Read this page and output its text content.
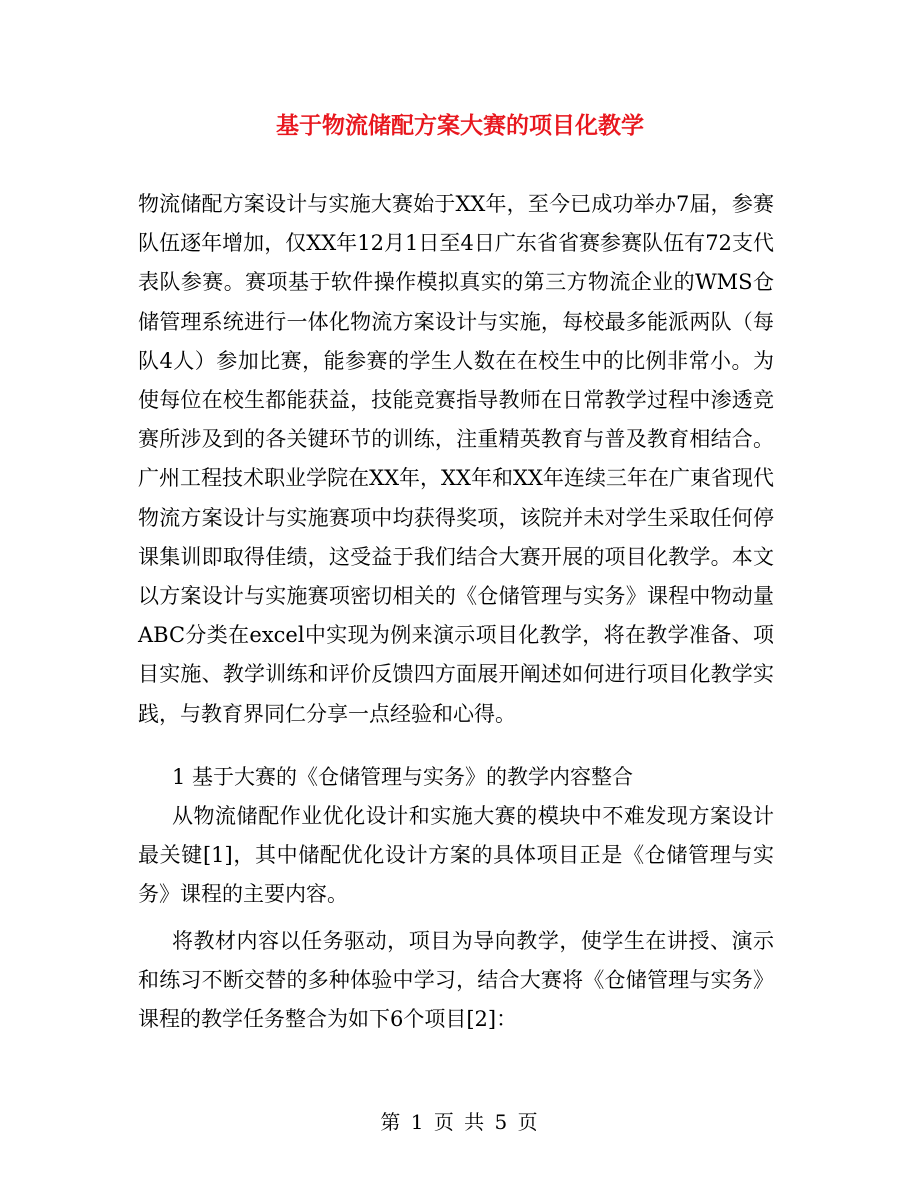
基于物流储配方案大赛的项目化教学
物流储配方案设计与实施大赛始于XX年，至今已成功举办7届，参赛队伍逐年增加，仅XX年12月1日至4日广东省省赛参赛队伍有72支代表队参赛。赛项基于软件操作模拟真实的第三方物流企业的WMS仓储管理系统进行一体化物流方案设计与实施，每校最多能派两队（每队4人）参加比赛，能参赛的学生人数在在校生中的比例非常小。为使每位在校生都能获益，技能竞赛指导教师在日常教学过程中渗透竞赛所涉及到的各关键环节的训练，注重精英教育与普及教育相结合。广州工程技术职业学院在XX年，XX年和XX年连续三年在广東省现代物流方案设计与实施赛项中均获得奖项，该院并未对学生采取任何停课集训即取得佳绩，这受益于我们结合大赛开展的项目化教学。本文以方案设计与实施赛项密切相关的《仓储管理与实务》课程中物动量ABC分类在excel中实现为例来演示项目化教学，将在教学准备、项目实施、教学训练和评价反馈四方面展开阐述如何进行项目化教学实践，与教育界同仁分享一点经验和心得。
1 基于大赛的《仓储管理与实务》的教学内容整合
从物流储配作业优化设计和实施大赛的模块中不难发现方案设计最关键[1]，其中储配优化设计方案的具体项目正是《仓储管理与实务》课程的主要内容。
将教材内容以任务驱动，项目为导向教学，使学生在讲授、演示和练习不断交替的多种体验中学习，结合大赛将《仓储管理与实务》课程的教学任务整合为如下6个项目[2]：
第 1 页 共 5 页
